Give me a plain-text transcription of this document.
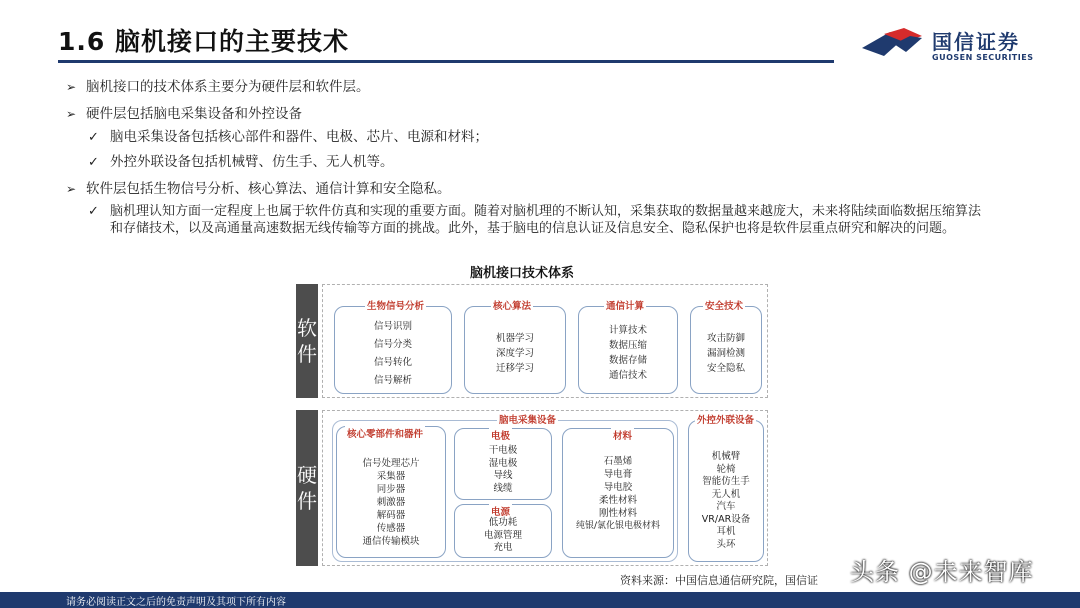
1.6 脑机接口的主要技术	国信证券
GUOSEN SECURITIES
➢ 脑机接口的技术体系主要分为硬件层和软件层。
➢ 硬件层包括脑电采集设备和外控设备
✓ 脑电采集设备包括核心部件和器件、电极、芯片、电源和材料；
✓ 外控外联设备包括机械臂、仿生手、无人机等。
➢ 软件层包括生物信号分析、核心算法、通信计算和安全隐私。
✓ 脑机理认知方面一定程度上也属于软件仿真和实现的重要方面。随着对脑机理的不断认知，采集获取的数据量越来越庞大，未来将陆续面临数据压缩算法和存储技术，以及高通量高速数据无线传输等方面的挑战。此外，基于脑电的信息认证及信息安全、隐私保护也将是软件层重点研究和解决的问题。
脑机接口技术体系
软
件
生物信号分析
信号识别
信号分类
信号转化
信号解析
核心算法
机器学习
深度学习
迁移学习
通信计算
计算技术
数据压缩
数据存储
通信技术
安全技术
攻击防御
漏洞检测
安全隐私
硬
件
脑电采集设备
核心零部件和器件
信号处理芯片
采集器
同步器
刺激器
解码器
传感器
通信传输模块
电极
干电极
湿电极
导线
线缆
电源
低功耗
电源管理
充电
材料
石墨烯
导电膏
导电胶
柔性材料
刚性材料
纯银/氯化银电极材料
外控外联设备
机械臂
轮椅
智能仿生手
无人机
汽车
VR/AR设备
耳机
头环
资料来源：中国信息通信研究院，国信证 头条 @未来智库
请务必阅读正文之后的免责声明及其项下所有内容
